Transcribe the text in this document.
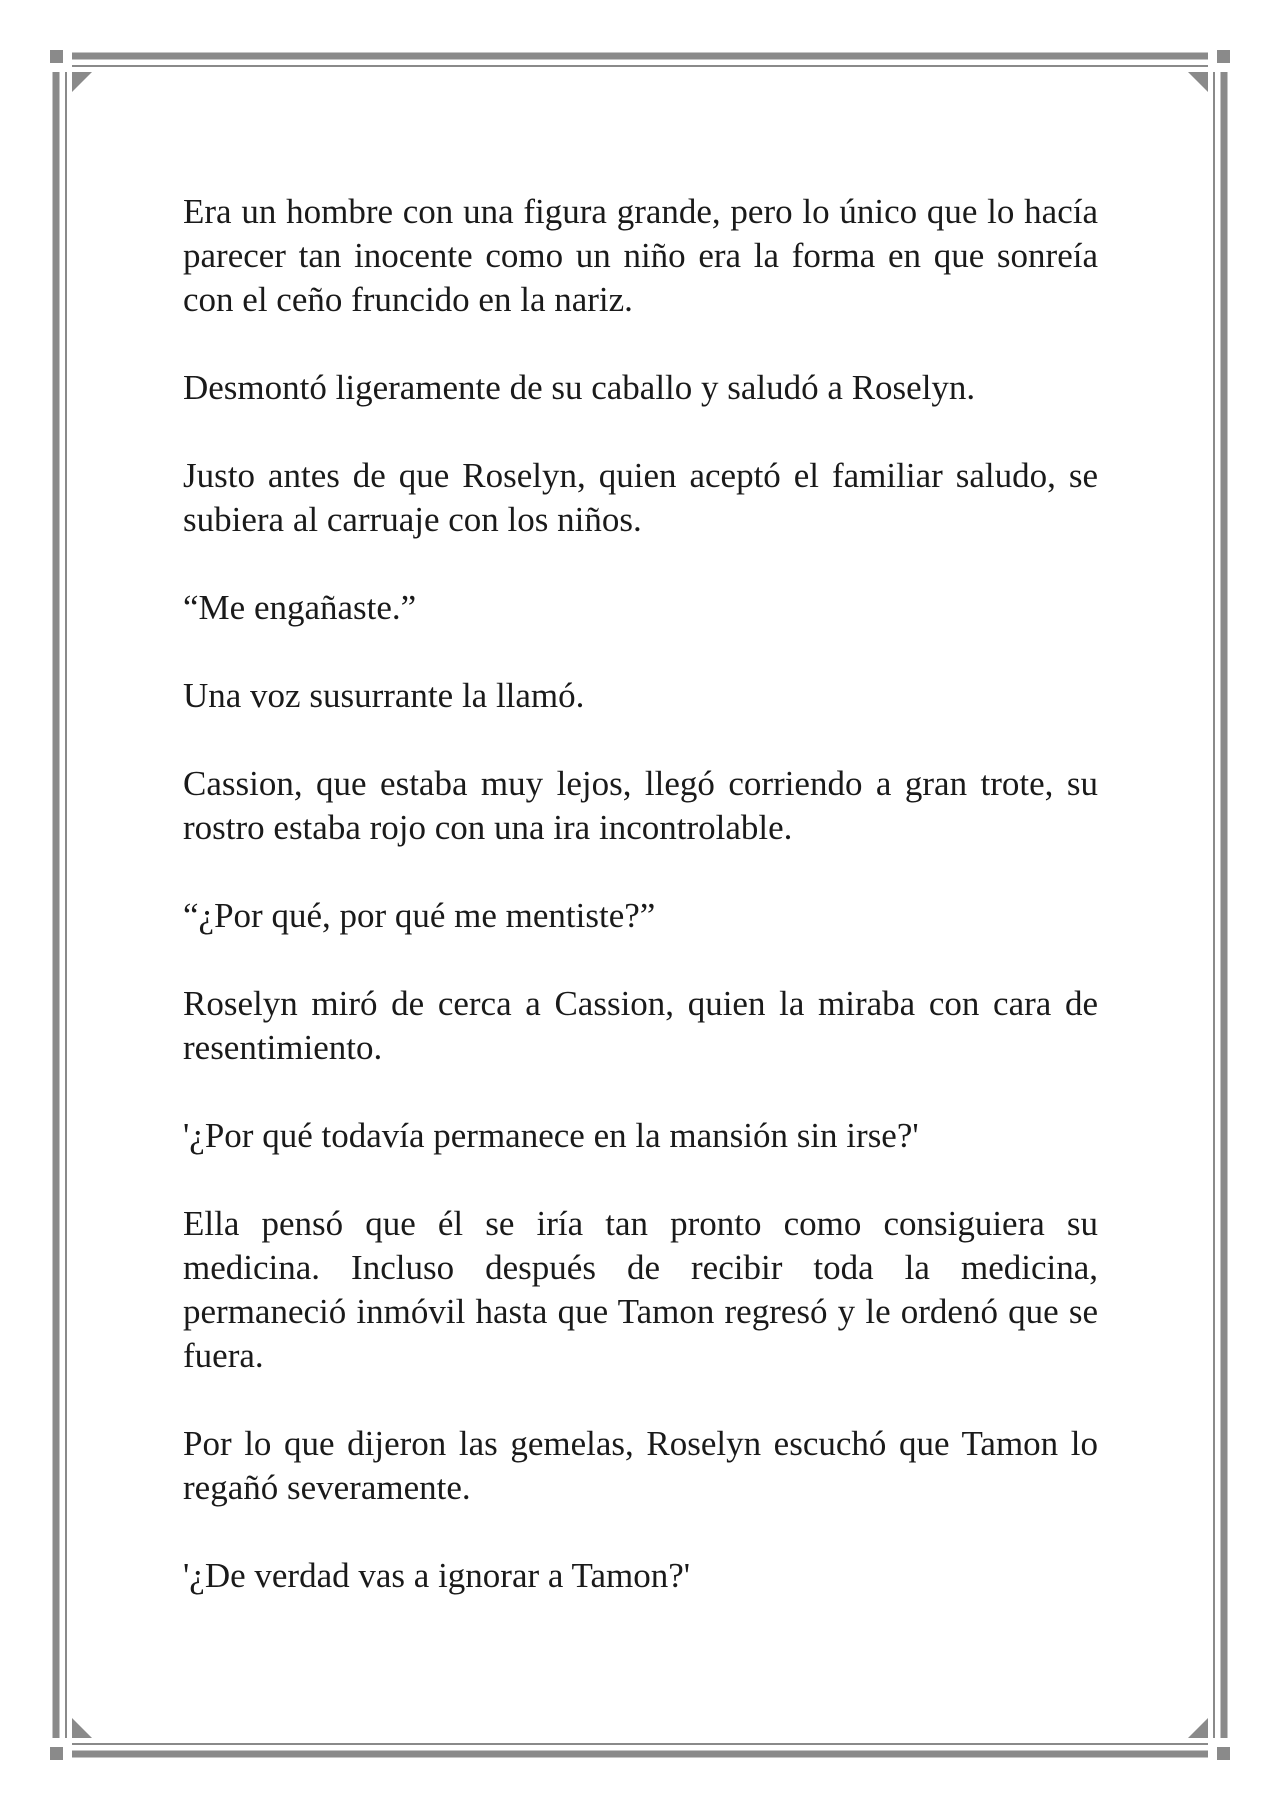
Era un hombre con una figura grande, pero lo único que lo hacía parecer tan inocente como un niño era la forma en que sonreía con el ceño fruncido en la nariz.

Desmontó ligeramente de su caballo y saludó a Roselyn.

Justo antes de que Roselyn, quien aceptó el familiar saludo, se subiera al carruaje con los niños.

“Me engañaste.”

Una voz susurrante la llamó.

Cassion, que estaba muy lejos, llegó corriendo a gran trote, su rostro estaba rojo con una ira incontrolable.

“¿Por qué, por qué me mentiste?”

Roselyn miró de cerca a Cassion, quien la miraba con cara de resentimiento.

'¿Por qué todavía permanece en la mansión sin irse?'

Ella pensó que él se iría tan pronto como consiguiera su medicina. Incluso después de recibir toda la medicina, permaneció inmóvil hasta que Tamon regresó y le ordenó que se fuera.

Por lo que dijeron las gemelas, Roselyn escuchó que Tamon lo regañó severamente.

'¿De verdad vas a ignorar a Tamon?'
